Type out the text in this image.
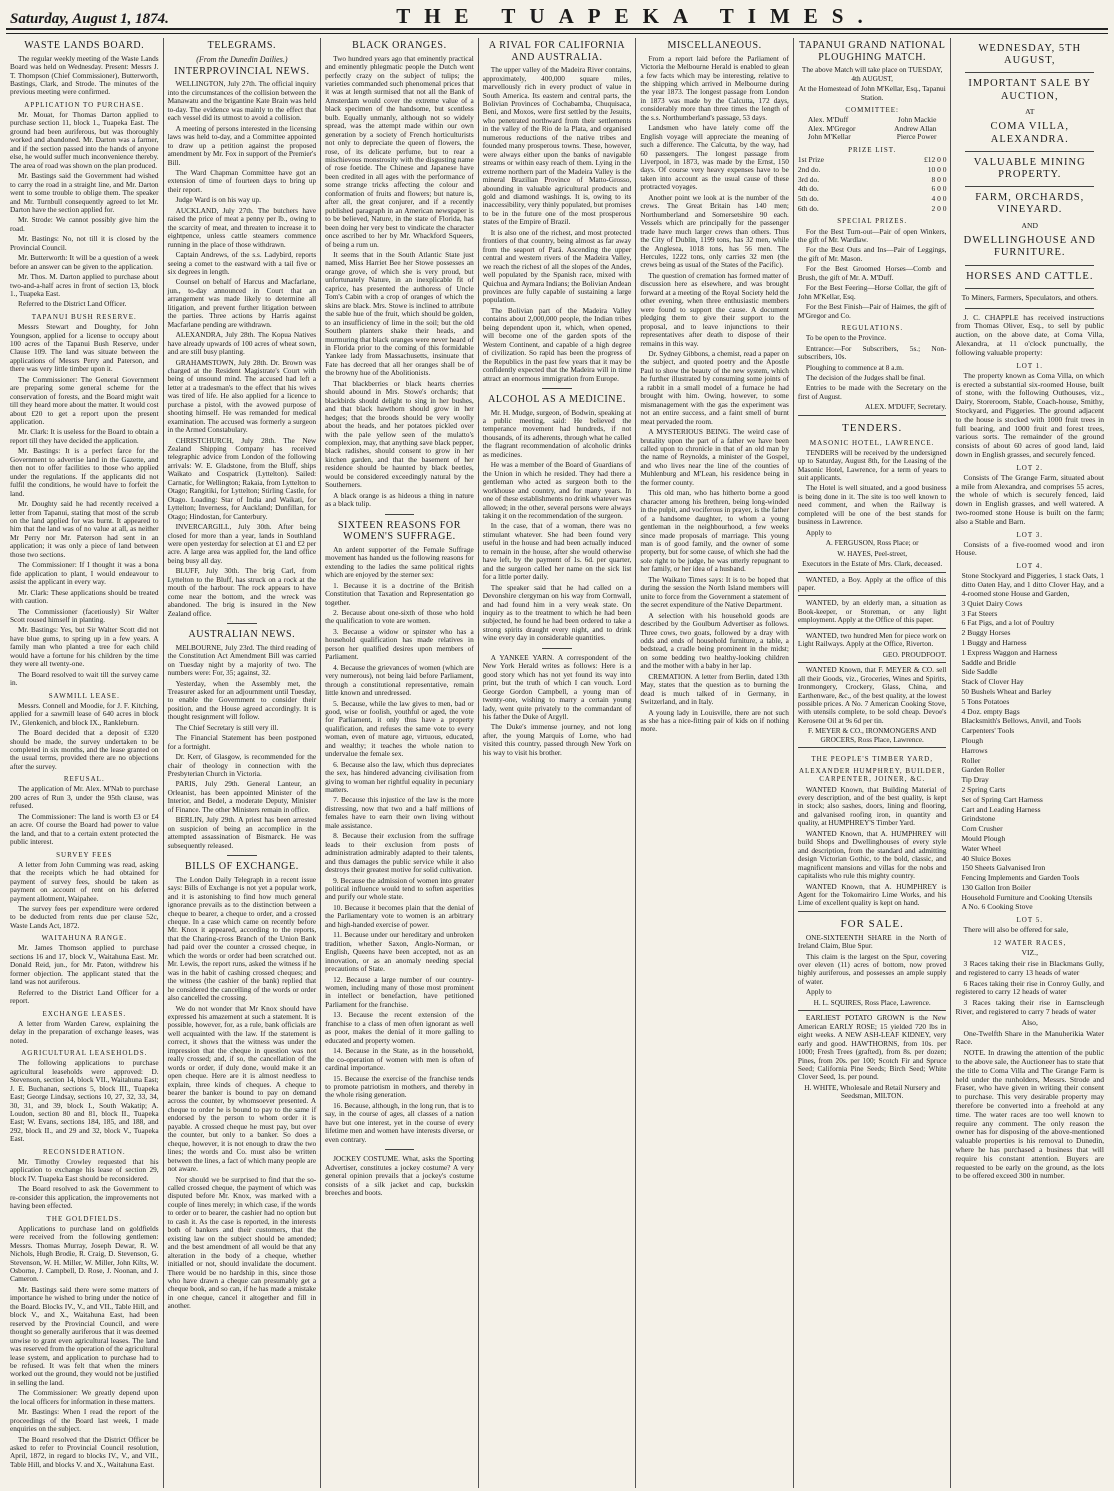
Saturday, August 1, 1874.	THE TUAPEKA TIMES.
WASTE LANDS BOARD.

The regular weekly meeting of the Waste Lands Board was held on Wednesday. Present: Messrs J. T. Thompson (Chief Commissioner), Butterworth, Bastings, Clark, and Strode. The minutes of the previous meeting were confirmed.

APPLICATION TO PURCHASE.

Mr. Mouat, for Thomas Darton applied to purchase section 11, block 1., Tuapeka East. The ground had been auriferous, but was thoroughly worked and abandoned. Mr. Darton was a farmer, and if the section passed into the hands of anyone else, he would suffer much inconvenience thereby. The area of road was shown on the plan produced.

Mr. Bastings said the Government had wished to carry the road in a straight line, and Mr. Darton went to some trouble to oblige them. The speaker and Mr. Turnbull consequently agreed to let Mr. Darton have the section applied for.

Mr. Strode: We cannot possibly give him the road.

Mr. Bastings: No, not till it is closed by the Provincial Council.

Mr. Butterworth: It will be a question of a week before an answer can be given to the application.

Mr. Thos. M. Darton applied to purchase about two-and-a-half acres in front of section 13, block 1., Tuapeka East.

Referred to the District Land Officer.

TAPANUI BUSH RESERVE.

Messrs Stewart and Doughty, for John Youngson, applied for a license to occupy about 100 acres of the Tapanui Bush Reserve, under Clause 109. The land was situate between the applications of Messrs Perry and Paterson, and there was very little timber upon it.

The Commissioner: The General Government are preparing some general scheme for the conservation of forests, and the Board might wait till they heard more about the matter. It would cost about £20 to get a report upon the present application.

Mr. Clark: It is useless for the Board to obtain a report till they have decided the application.

Mr. Bastings: It is a perfect farce for the Government to advertise land in the Gazette, and then not to offer facilities to those who applied under the regulations. If the applicants did not fulfil the conditions, he would have to forfeit the land.

Mr. Doughty said he had recently received a letter from Tapanui, stating that most of the scrub on the land applied for was burnt. It appeared to him that the land was of no value at all, as neither Mr Perry nor Mr. Paterson had sent in an application; it was only a piece of land between those two sections.

The Commissioner: If I thought it was a bona fide application to plant, I would endeavour to assist the applicant in every way.

Mr. Clark: These applications should be treated with caution.

The Commissioner (facetiously) Sir Walter Scott roused himself in planting.

Mr. Bastings: Yes, but Sir Walter Scott did not have blue gums, to spring up in a few years. A family man who planted a tree for each child would have a fortune for his children by the time they were all twenty-one.

The Board resolved to wait till the survey came in.

SAWMILL LEASE.

Messrs. Connell and Moodie, for J. F. Kitching, applied for a sawmill lease of 640 acres in block IV., Glenkenich, and block IX., Rankleburn.

The Board decided that a deposit of £320 should be made, the survey undertaken to be completed in six months, and the lease granted on the usual terms, provided there are no objections after the survey.

REFUSAL.

The application of Mr. Alex. M'Nab to purchase 200 acres of Run 3, under the 95th clause, was refused.

The Commissioner: The land is worth £3 or £4 an acre. Of course the Board had power to value the land, and that to a certain extent protected the public interest.

SURVEY FEES

A letter from John Cumming was read, asking that the receipts which he had obtained for payment of survey fees, should be taken as payment on account of rent on his deferred payment allotment, Waipahee.

The survey fees per expenditure were ordered to be deducted from rents due per clause 52c, Waste Lands Act, 1872.

WAITAHUNA RANGE.

Mr. James Thomson applied to purchase sections 16 and 17, block V., Waitahuna East. Mr. Donald Reid, jun., for Mr. Paton, withdrew his former objection. The applicant stated that the land was not auriferous.

Referred to the District Land Officer for a report.

EXCHANGE LEASES.

A letter from Warden Carew, explaining the delay in the preparation of exchange leases, was noted.

AGRICULTURAL LEASEHOLDS.

The following applications to purchase agricultural leaseholds were approved: D. Stevenson, section 14, block VII., Waitahuna East; J. E. Buchanan, sections 5, block III., Tuapeka East; George Lindsay, sections 10, 27, 32, 33, 34, 30, 31, and 39, block I., South Wakatip; A. Loudon, section 80 and 81, block II., Tuapeka East; W. Evans, sections 184, 185, and 188, and 292, block II., and 29 and 32, block V., Tuapeka East.

RECONSIDERATION.

Mr. Timothy Crowley requested that his application to exchange his lease of section 29, block IV. Tuapeka East should be reconsidered.

The Board resolved to ask the Government to re-consider this application, the improvements not having been effected.

THE GOLDFIELDS.

Applications to purchase land on goldfields were received from the following gentlemen: Messrs. Thomas Murray, Joseph Dewar, R. W. Nichols, Hugh Brodie, R. Craig, D. Stevenson, G. Stevenson, W. H. Miller, W. Miller, John Kilts, W. Osborne, J. Campbell, D. Rose, J. Noonan, and J. Cameron.

Mr. Bastings said there were some matters of importance he wished to bring under the notice of the Board. Blocks IV., V., and VII., Table Hill, and block V., and X., Waitahuna East, had been reserved by the Provincial Council, and were thought so generally auriferous that it was deemed unwise to grant even agricultural leases. The land was reserved from the operation of the agricultural lease system, and application to purchase had to be refused. It was felt that when the miners worked out the ground, they would not be justified in selling the land.

The Commissioner: We greatly depend upon the local officers for information in these matters.

Mr. Bastings: When I read the report of the proceedings of the Board last week, I made enquiries on the subject.

The Board resolved that the District Officer be asked to refer to Provincial Council resolution, April, 1872, in regard to blocks IV., V., and VII., Table Hill, and blocks V. and X., Waitahuna East.

TELEGRAMS.
(From the Dunedin Dailies.)
INTERPROVINCIAL NEWS.

WELLINGTON, July 27th. The official inquiry into the circumstances of the collision between the Manawatu and the brigantine Kate Brain was held to-day. The evidence was mainly to the effect that each vessel did its utmost to avoid a collision.

A meeting of persons interested in the licensing laws was held to-day, and a Committee appointed to draw up a petition against the proposed amendment by Mr. Fox in support of the Premier's Bill.

The Ward Chapman Committee have got an extension of time of fourteen days to bring up their report.

Judge Ward is on his way up.

AUCKLAND, July 27th. The butchers have raised the price of meat a penny per lb., owing to the scarcity of meat, and threaten to increase it to eightpence, unless cattle steamers commence running in the place of those withdrawn.

Captain Andrews, of the s.s. Ladybird, reports seeing a comet to the eastward with a tail five or six degrees in length.

Counsel on behalf of Harcus and Macfarlane, jun., to-day announced in Court that an arrangement was made likely to determine all litigation, and prevent further litigation between the parties. Three actions by Harris against Macfarlane pending are withdrawn.

ALEXANDRA, July 28th. The Kopua Natives have already upwards of 100 acres of wheat sown, and are still busy planting.

GRAHAMSTOWN, July 28th. Dr. Brown was charged at the Resident Magistrate's Court with being of unsound mind. The accused had left a letter at a tradesman's to the effect that his wives was tired of life. He also applied for a licence to purchase a pistol, with the avowed purpose of shooting himself. He was remanded for medical examination. The accused was formerly a surgeon in the Armed Constabulary.

CHRISTCHURCH, July 28th. The New Zealand Shipping Company has received telegraphic advice from London of the following arrivals: W. E. Gladstone, from the Bluff, ships Waikato and Cospatrick (Lyttelton). Sailed: Carnatic, for Wellington; Rakaia, from Lyttelton to Otago; Rangitiki, for Lyttelton; Stirling Castle, for Otago. Loading: Star of India and Waikati, for Lyttelton; Inverness, for Auckland; Dunfillan, for Otago; Hindostan, for Canterbury.

INVERCARGILL, July 30th. After being closed for more than a year, lands in Southland were open yesterday for selection at £1 and £2 per acre. A large area was applied for, the land office being busy all day.

BLUFF, July 30th. The brig Carl, from Lyttelton to the Bluff, has struck on a rock at the mouth of the harbour. The rock appears to have come near the bottom, and the wreck was abandoned. The brig is insured in the New Zealand office.

AUSTRALIAN NEWS.

MELBOURNE, July 23rd. The third reading of the Constitution Act Amendment Bill was carried on Tuesday night by a majority of two. The numbers were: For, 35; against, 32.

Yesterday, when the Assembly met, the Treasurer asked for an adjournment until Tuesday, to enable the Government to consider their position, and the House agreed accordingly. It is thought resignment will follow.

The Chief Secretary is still very ill.

The Financial Statement has been postponed for a fortnight.

Dr. Kerr, of Glasgow, is recommended for the chair of theology in connection with the Presbyterian Church in Victoria.

PARIS, July 29th. General Lanteur, an Orleanist, has been appointed Minister of the Interior, and Bedel, a moderate Deputy, Minister of Finance. The other Ministers remain in office.

BERLIN, July 29th. A priest has been arrested on suspicion of being an accomplice in the attempted assassination of Bismarck. He was subsequently released.

BILLS OF EXCHANGE.

The London Daily Telegraph in a recent issue says: Bills of Exchange is not yet a popular work, and it is astonishing to find how much general ignorance prevails as to the distinction between a cheque to bearer, a cheque to order, and a crossed cheque. In a case which came on recently before Mr. Knox it appeared, according to the reports, that the Charing-cross Branch of the Union Bank had paid over the counter a crossed cheque, in which the words or order had been scratched out. Mr. Lewis, the report runs, asked the witness if he was in the habit of cashing crossed cheques; and the witness (the cashier of the bank) replied that he considered the cancelling of the words or order also cancelled the crossing.

We do not wonder that Mr Knox should have expressed his amazement at such a statement. It is possible, however, for, as a rule, bank officials are well acquainted with the law. If the statement is correct, it shows that the witness was under the impression that the cheque in question was not really crossed; and, if so, the cancellation of the words or order, if duly done, would make it an open cheque. Here are it is almost needless to explain, three kinds of cheques. A cheque to bearer the banker is bound to pay on demand across the counter, by whomsoever presented. A cheque to order he is bound to pay to the same if endorsed by the person to whom order it is payable. A crossed cheque he must pay, but over the counter, but only to a banker. So does a cheque, however, it is not enough to draw the two lines; the words and Co. must also be written between the lines, a fact of which many people are not aware.

Nor should we be surprised to find that the so-called crossed cheque, the payment of which was disputed before Mr. Knox, was marked with a couple of lines merely; in which case, if the words to order or to bearer, the cashier had no option but to cash it. As the case is reported, in the interests both of bankers and their customers, that the existing law on the subject should be amended; and the best amendment of all would be that any alteration in the body of a cheque, whether initialled or not, should invalidate the document. There would be no hardship in this, since those who have drawn a cheque can presumably get a cheque book, and so can, if he has made a mistake in one cheque, cancel it altogether and fill in another.

BLACK ORANGES.

Two hundred years ago that eminently practical and eminently phlegmatic people the Dutch went perfectly crazy on the subject of tulips; the varieties commanded such phenomenal prices that it was at length surmised that not all the Bank of Amsterdam would cover the extreme value of a black specimen of the handsome, but scentless bulb. Equally unmanly, although not so widely spread, was the attempt made within our own generation by a society of French horticulturists not only to depreciate the queen of flowers, the rose, of its delicate perfume, but to rear a mischievous monstrosity with the disgusting name of rose foetide. The Chinese and Japanese have been credited in all ages with the performance of some strange tricks affecting the colour and conformation of fruits and flowers; but nature is, after all, the great conjurer, and if a recently published paragraph in an American newspaper is to be believed, Nature, in the state of Florida, has been doing her very best to vindicate the character once ascribed to her by Mr. Whackford Squeers, of being a rum un.

It seems that in the South Atlantic State just named, Miss Harriet Bee her Stowe possesses an orange grove, of which she is very proud, but unfortunately Nature, in an inexplicable fit of caprice, has presented the authoress of Uncle Tom's Cabin with a crop of oranges of which the skins are black. Mrs. Stowe is inclined to attribute the sable hue of the fruit, which should be golden, to an insufficiency of lime in the soil; but the old Southern planters shake their heads, and murmuring that black oranges were never heard of in Florida prior to the coming of this formidable Yankee lady from Massachusetts, insinuate that Fate has decreed that all her oranges shall be of the browny hue of the Abolitionists.

That blackberries or black hearts cherries should abound in Mrs. Stowe's orchards; that blackbirds should delight to sing in her bushes, and that black hawthorn should grow in her hedges; that the broods should be very woolly about the heads, and her potatoes pickled over with the pale yellow seen of the mulatto's complexion, may, that anything save black pepper, black radishes, should consent to grow in her kitchen garden, and that the basement of her residence should be haunted by black beetles, would be considered exceedingly natural by the Southerners.

A black orange is as hideous a thing in nature as a black tulip.

SIXTEEN REASONS FOR WOMEN'S SUFFRAGE.

An ardent supporter of the Female Suffrage movement has handed us the following reasons for extending to the ladies the same political rights which are enjoyed by the sterner sex:

1. Because it is a doctrine of the British Constitution that Taxation and Representation go together.

2. Because about one-sixth of those who hold the qualification to vote are women.

3. Because a widow or spinster who has a household qualification has made relatives in person her qualified desires upon members of Parliament.

4. Because the grievances of women (which are very numerous), not being laid before Parliament, through a constitutional representative, remain little known and unredressed.

5. Because, while the law gives to men, bad or good, wise or foolish, youthful or aged, the vote for Parliament, it only thus have a property qualification, and refuses the same vote to every woman, even of mature age, virtuous, educated, and wealthy; it teaches the whole nation to undervalue the female sex.

6. Because also the law, which thus depreciates the sex, has hindered advancing civilisation from giving to woman her rightful equality in pecuniary matters.

7. Because this injustice of the law is the more distressing, now that two and a half millions of females have to earn their own living without male assistance.

8. Because their exclusion from the suffrage leads to their exclusion from posts of administration admirably adapted to their talents, and thus damages the public service while it also destroys their greatest motive for solid cultivation.

9. Because the admission of women into greater political influence would tend to soften asperities and purify our whole state.

10. Because it becomes plain that the denial of the Parliamentary vote to women is an arbitrary and high-handed exercise of power.

11. Because under our hereditary and unbroken tradition, whether Saxon, Anglo-Norman, or English, Queens have been accepted, not as an innovation, or as an anomaly needing special precautions of State.

12. Because a large number of our country-women, including many of those most prominent in intellect or benefaction, have petitioned Parliament for the franchise.

13. Because the recent extension of the franchise to a class of men often ignorant as well as poor, makes the denial of it more galling to educated and property women.

14. Because in the State, as in the household, the co-operation of women with men is often of cardinal importance.

15. Because the exercise of the franchise tends to promote patriotism in mothers, and thereby in the whole rising generation.

16. Because, although, in the long run, that is to say, in the course of ages, all classes of a nation have but one interest, yet in the course of every lifetime men and women have interests diverse, or even contrary.

JOCKEY COSTUME. What, asks the Sporting Advertiser, constitutes a jockey costume? A very general opinion prevails that a jockey's costume consists of a silk jacket and cap, buckskin breeches and boots.

A RIVAL FOR CALIFORNIA AND AUSTRALIA.

The upper valley of the Madeira River contains, approximately, 400,000 square miles, marvellously rich in every product of value in South America. Its eastern and central parts, the Bolivian Provinces of Cochabamba, Chuquisaca, Beni, and Moxos, were first settled by the Jesuits, who penetrated northward from their settlements in the valley of the Rio de la Plata, and organised numerous reductions of the native tribes and founded many prosperous towns. These, however, were always either upon the banks of navigable streams or within easy reach of them. Lying in the extreme northern part of the Madeira Valley is the mineral Brazilian Province of Matto-Grosso, abounding in valuable agricultural products and gold and diamond washings. It is, owing to its inaccessibility, very thinly populated, but promises to be in the future one of the most prosperous states of the Empire of Brazil.

It is also one of the richest, and most protected frontiers of that country, being almost as far away from the seaport of Pará. Ascending the upper central and western rivers of the Madeira Valley, we reach the richest of all the slopes of the Andes, well populated by the Spanish race, mixed with Quichua and Aymara Indians; the Bolivian Andean provinces are fully capable of sustaining a large population.

The Bolivian part of the Madeira Valley contains about 2,000,000 people, the Indian tribes being dependent upon it, which, when opened, will become one of the garden spots of the Western Continent, and capable of a high degree of civilization. So rapid has been the progress of the Republics in the past few years that it may be confidently expected that the Madeira will in time attract an enormous immigration from Europe.

ALCOHOL AS A MEDICINE.

Mr. H. Mudge, surgeon, of Bodwin, speaking at a public meeting, said: He believed the temperance movement had hundreds, if not thousands, of its adherents, through what he called the flagrant recommendation of alcoholic drinks as medicines.

He was a member of the Board of Guardians of the Union in which he resided. They had there a gentleman who acted as surgeon both to the workhouse and country, and for many years. In one of these establishments no drink whatever was allowed; in the other, several persons were always taking it on the recommendation of the surgeon.

In the case, that of a woman, there was no stimulant whatever. She had been found very useful in the house and had been actually induced to remain in the house, after she would otherwise have left, by the payment of 1s. 6d. per quarter, and the surgeon called her name on the sick list for a little porter daily.

The speaker said that he had called on a Devonshire clergyman on his way from Cornwall, and had found him in a very weak state. On inquiry as to the treatment to which he had been subjected, he found he had been ordered to take a strong spirits draught every night, and to drink wine every day in considerable quantities.

A YANKEE YARN. A correspondent of the New York Herald writes as follows: Here is a good story which has not yet found its way into print, but the truth of which I can vouch. Lord George Gordon Campbell, a young man of twenty-one, wishing to marry a certain young lady, went quite privately to the commandant of his father the Duke of Argyll.

The Duke's immense journey, and not long after, the young Marquis of Lorne, who had visited this country, passed through New York on his way to visit his brother.

MISCELLANEOUS.

From a report laid before the Parliament of Victoria the Melbourne Herald is enabled to glean a few facts which may be interesting, relative to the shipping which arrived in Melbourne during the year 1873. The longest passage from London in 1873 was made by the Calcutta, 172 days, considerably more than three times the length of the s.s. Northumberland's passage, 53 days.

Landsmen who have lately come off the English voyage will appreciate the meaning of such a difference. The Calcutta, by the way, had 60 passengers. The longest passage from Liverpool, in 1873, was made by the Ernst, 150 days. Of course very heavy expenses have to be taken into account as the usual cause of these protracted voyages.

Another point we look at is the number of the crews. The Great Britain has 140 men; Northumberland and Somersetshire 90 each. Vessels which are principally for the passenger trade have much larger crews than others. Thus the City of Dublin, 1199 tons, has 32 men, while the Anglesea, 1018 tons, has 56 men. The Hercules, 1222 tons, only carries 32 men (the crews being as usual of the States of the Pacific).

The question of cremation has formed matter of discussion here as elsewhere, and was brought forward at a meeting of the Royal Society held the other evening, when three enthusiastic members were found to support the cause. A document pledging them to give their support to the proposal, and to leave injunctions to their representatives after death to dispose of their remains in this way.

Dr. Sydney Gibbons, a chemist, read a paper on the subject, and quoted poetry and the Apostle Paul to show the beauty of the new system, which he further illustrated by consuming some joints of a rabbit in a small model of a furnace he had brought with him. Owing, however, to some mismanagement with the gas the experiment was not an entire success, and a faint smell of burnt meat pervaded the room.

A MYSTERIOUS BEING. The weird case of brutality upon the part of a father we have been called upon to chronicle in that of an old man by the name of Reynolds, a minister of the Gospel, and who lives near the line of the counties of Muhlenburg and M'Lean, his residence being in the former county.

This old man, who has hitherto borne a good character among his brethren, being long-winded in the pulpit, and vociferous in prayer, is the father of a handsome daughter, to whom a young gentleman in the neighbourhood, a few weeks since made proposals of marriage. This young man is of good family, and the owner of some property, but for some cause, of which she had the sole right to be judge, he was utterly repugnant to her family, or her idea of a husband.

The Waikato Times says: It is to be hoped that during the session the North Island members will unite to force from the Government a statement of the secret expenditure of the Native Department.

A selection with his household goods are described by the Goulburn Advertiser as follows. Three cows, two goats, followed by a dray with odds and ends of household furniture, a table, a bedstead, a cradle being prominent in the midst; on some bedding two healthy-looking children and the mother with a baby in her lap.

CREMATION. A letter from Berlin, dated 13th May, states that the question as to burning the dead is much talked of in Germany, in Switzerland, and in Italy.

A young lady in Louisville, there are not such as she has a nice-fitting pair of kids on if nothing more.

TAPANUI GRAND NATIONAL PLOUGHING MATCH.

The above Match will take place on TUESDAY, 4th AUGUST,

At the Homestead of John M'Kellar, Esq., Tapanui Station.

COMMITTEE:
Alex. M'Duff	John Mackie
Alex. M'Gregor	Andrew Allan
John M'Kellar	Pierce Power
PRIZE LIST.
1st Prize	£12 0 0
2nd do.	10 0 0
3rd do.	8 0 0
4th do.	6 0 0
5th do.	4 0 0
6th do.	2 0 0
SPECIAL PRIZES.

For the Best Turn-out—Pair of open Winkers, the gift of Mr. Wardlaw.

For the Best Outs and Ins—Pair of Leggings, the gift of Mr. Mason.

For the Best Groomed Horses—Comb and Brush, the gift of Mr. A. M'Duff.

For the Best Feering—Horse Collar, the gift of John M'Kellar, Esq.

For the Best Finish—Pair of Haimes, the gift of M'Gregor and Co.

REGULATIONS.

To be open to the Province.

Entrance:—For Subscribers, 5s.; Non-subscribers, 10s.

Ploughing to commence at 8 a.m.

The decision of the Judges shall be final.

Entries to be made with the Secretary on the first of August.

ALEX. M'DUFF, Secretary.

TENDERS.
MASONIC HOTEL, LAWRENCE.

TENDERS will be received by the undersigned up to Saturday, August 8th, for the Leasing of the Masonic Hotel, Lawrence, for a term of years to suit applicants.

The Hotel is well situated, and a good business is being done in it. The site is too well known to need comment, and when the Railway is completed will be one of the best stands for business in Lawrence.

Apply to

A. FERGUSON, Ross Place; or

W. HAYES, Peel-street,

Executors in the Estate of Mrs. Clark, deceased.

WANTED, a Boy. Apply at the office of this paper.

WANTED, by an elderly man, a situation as Book-keeper, or Storeman, or any light employment. Apply at the Office of this paper.

WANTED, two hundred Men for piece work on Light Railways. Apply at the Office, Riverton.

GEO. PROUDFOOT.

WANTED Known, that F. MEYER & CO. sell all their Goods, viz., Groceries, Wines and Spirits, Ironmongery, Crockery, Glass, China, and Earthenware, &c., of the best quality, at the lowest possible prices. A No. 7 American Cooking Stove, with utensils complete, to be sold cheap. Devoe's Kerosene Oil at 9s 6d per tin.

F. MEYER & CO., IRONMONGERS AND GROCERS, Ross Place, Lawrence.

THE PEOPLE'S TIMBER YARD,
ALEXANDER HUMPHREY, BUILDER, CARPENTER, JOINER, &C.

WANTED Known, that Building Material of every description, and of the best quality, is kept in stock; also sashes, doors, lining and flooring, and galvanised roofing iron, in quantity and quality, at HUMPHREY'S Timber Yard.

WANTED Known, that A. HUMPHREY will build Shops and Dwellinghouses of every style and description, from the standard and admitting design Victorian Gothic, to the bold, classic, and magnificent mansions and villas for the nobs and capitalists who rule this mighty country.

WANTED Known, that A. HUMPHREY is Agent for the Tokomairiro Lime Works, and his Lime of excellent quality is kept on hand.

FOR SALE.

ONE-SIXTEENTH SHARE in the North of Ireland Claim, Blue Spur.

This claim is the largest on the Spur, covering over eleven (11) acres of bottom, now proved highly auriferous, and possesses an ample supply of water.

Apply to

H. L. SQUIRES, Ross Place, Lawrence.

EARLIEST POTATO GROWN is the New American EARLY ROSE; 15 yielded 720 lbs in eight weeks. A NEW ASH-LEAF KIDNEY, very early and good. HAWTHORNS, from 10s. per 1000; Fresh Trees (grafted), from 8s. per dozen; Pines, from 20s. per 100; Scotch Fir and Spruce Seed; California Pine Seeds; Birch Seed; White Clover Seed, 1s. per pound.

H. WHITE, Wholesale and Retail Nursery and Seedsman, MILTON.

WEDNESDAY, 5TH AUGUST,
IMPORTANT SALE BY AUCTION,

AT

COMA VILLA, ALEXANDRA.
VALUABLE MINING PROPERTY.
FARM, ORCHARDS, VINEYARD.

AND

DWELLINGHOUSE AND FURNITURE.
HORSES AND CATTLE.

To Miners, Farmers, Speculators, and others.

J. C. CHAPPLE has received instructions from Thomas Oliver, Esq., to sell by public auction, on the above date, at Coma Villa, Alexandra, at 11 o'clock punctually, the following valuable property:

LOT 1.

The property known as Coma Villa, on which is erected a substantial six-roomed House, built of stone, with the following Outhouses, viz., Dairy, Storeroom, Stable, Coach-house, Smithy, Stockyard, and Piggeries. The ground adjacent to the house is stocked with 1000 fruit trees in full bearing, and 1000 fruit and forest trees, various sorts. The remainder of the ground consists of about 60 acres of good land, laid down in English grasses, and securely fenced.

LOT 2.

Consists of The Grange Farm, situated about a mile from Alexandra, and comprises 55 acres, the whole of which is securely fenced, laid down in English grasses, and well watered. A two-roomed stone House is built on the farm; also a Stable and Barn.

LOT 3.

Consists of a five-roomed wood and iron House.

LOT 4.

Stone Stockyard and Piggeries, 1 stack Oats, 1 ditto Oaten Hay, and 1 ditto Clover Hay, and a 4-roomed stone House and Garden,

3 Quiet Dairy Cows

3 Fat Steers

6 Fat Pigs, and a lot of Poultry

2 Buggy Horses

1 Buggy and Harness

1 Express Waggon and Harness

Saddle and Bridle

Side Saddle

Stack of Clover Hay

50 Bushels Wheat and Barley

5 Tons Potatoes

4 Doz. empty Bags

Blacksmith's Bellows, Anvil, and Tools

Carpenters' Tools

Plough

Harrows

Roller

Garden Roller

Tip Dray

2 Spring Carts

Set of Spring Cart Harness

Cart and Leading Harness

Grindstone

Corn Crusher

Mould Plough

Water Wheel

40 Sluice Boxes

150 Sheets Galvanised Iron

Fencing Implements and Garden Tools

130 Gallon Iron Boiler

Household Furniture and Cooking Utensils

A No. 6 Cooking Stove

LOT 5.

There will also be offered for sale,

12 WATER RACES,

VIZ.,

3 Races taking their rise in Blackmans Gully, and registered to carry 13 heads of water

6 Races taking their rise in Conroy Gully, and registered to carry 12 heads of water

3 Races taking their rise in Earnscleugh River, and registered to carry 7 heads of water

Also,

One-Twelfth Share in the Manuherikia Water Race.

NOTE. In drawing the attention of the public to the above sale, the Auctioneer has to state that the title to Coma Villa and The Grange Farm is held under the runholders, Messrs. Strode and Fraser, who have given in writing their consent to purchase. This very desirable property may therefore be converted into a freehold at any time. The water races are too well known to require any comment. The only reason the owner has for disposing of the above-mentioned valuable properties is his removal to Dunedin, where he has purchased a business that will require his constant attention. Buyers are requested to be early on the ground, as the lots to be offered exceed 300 in number.
